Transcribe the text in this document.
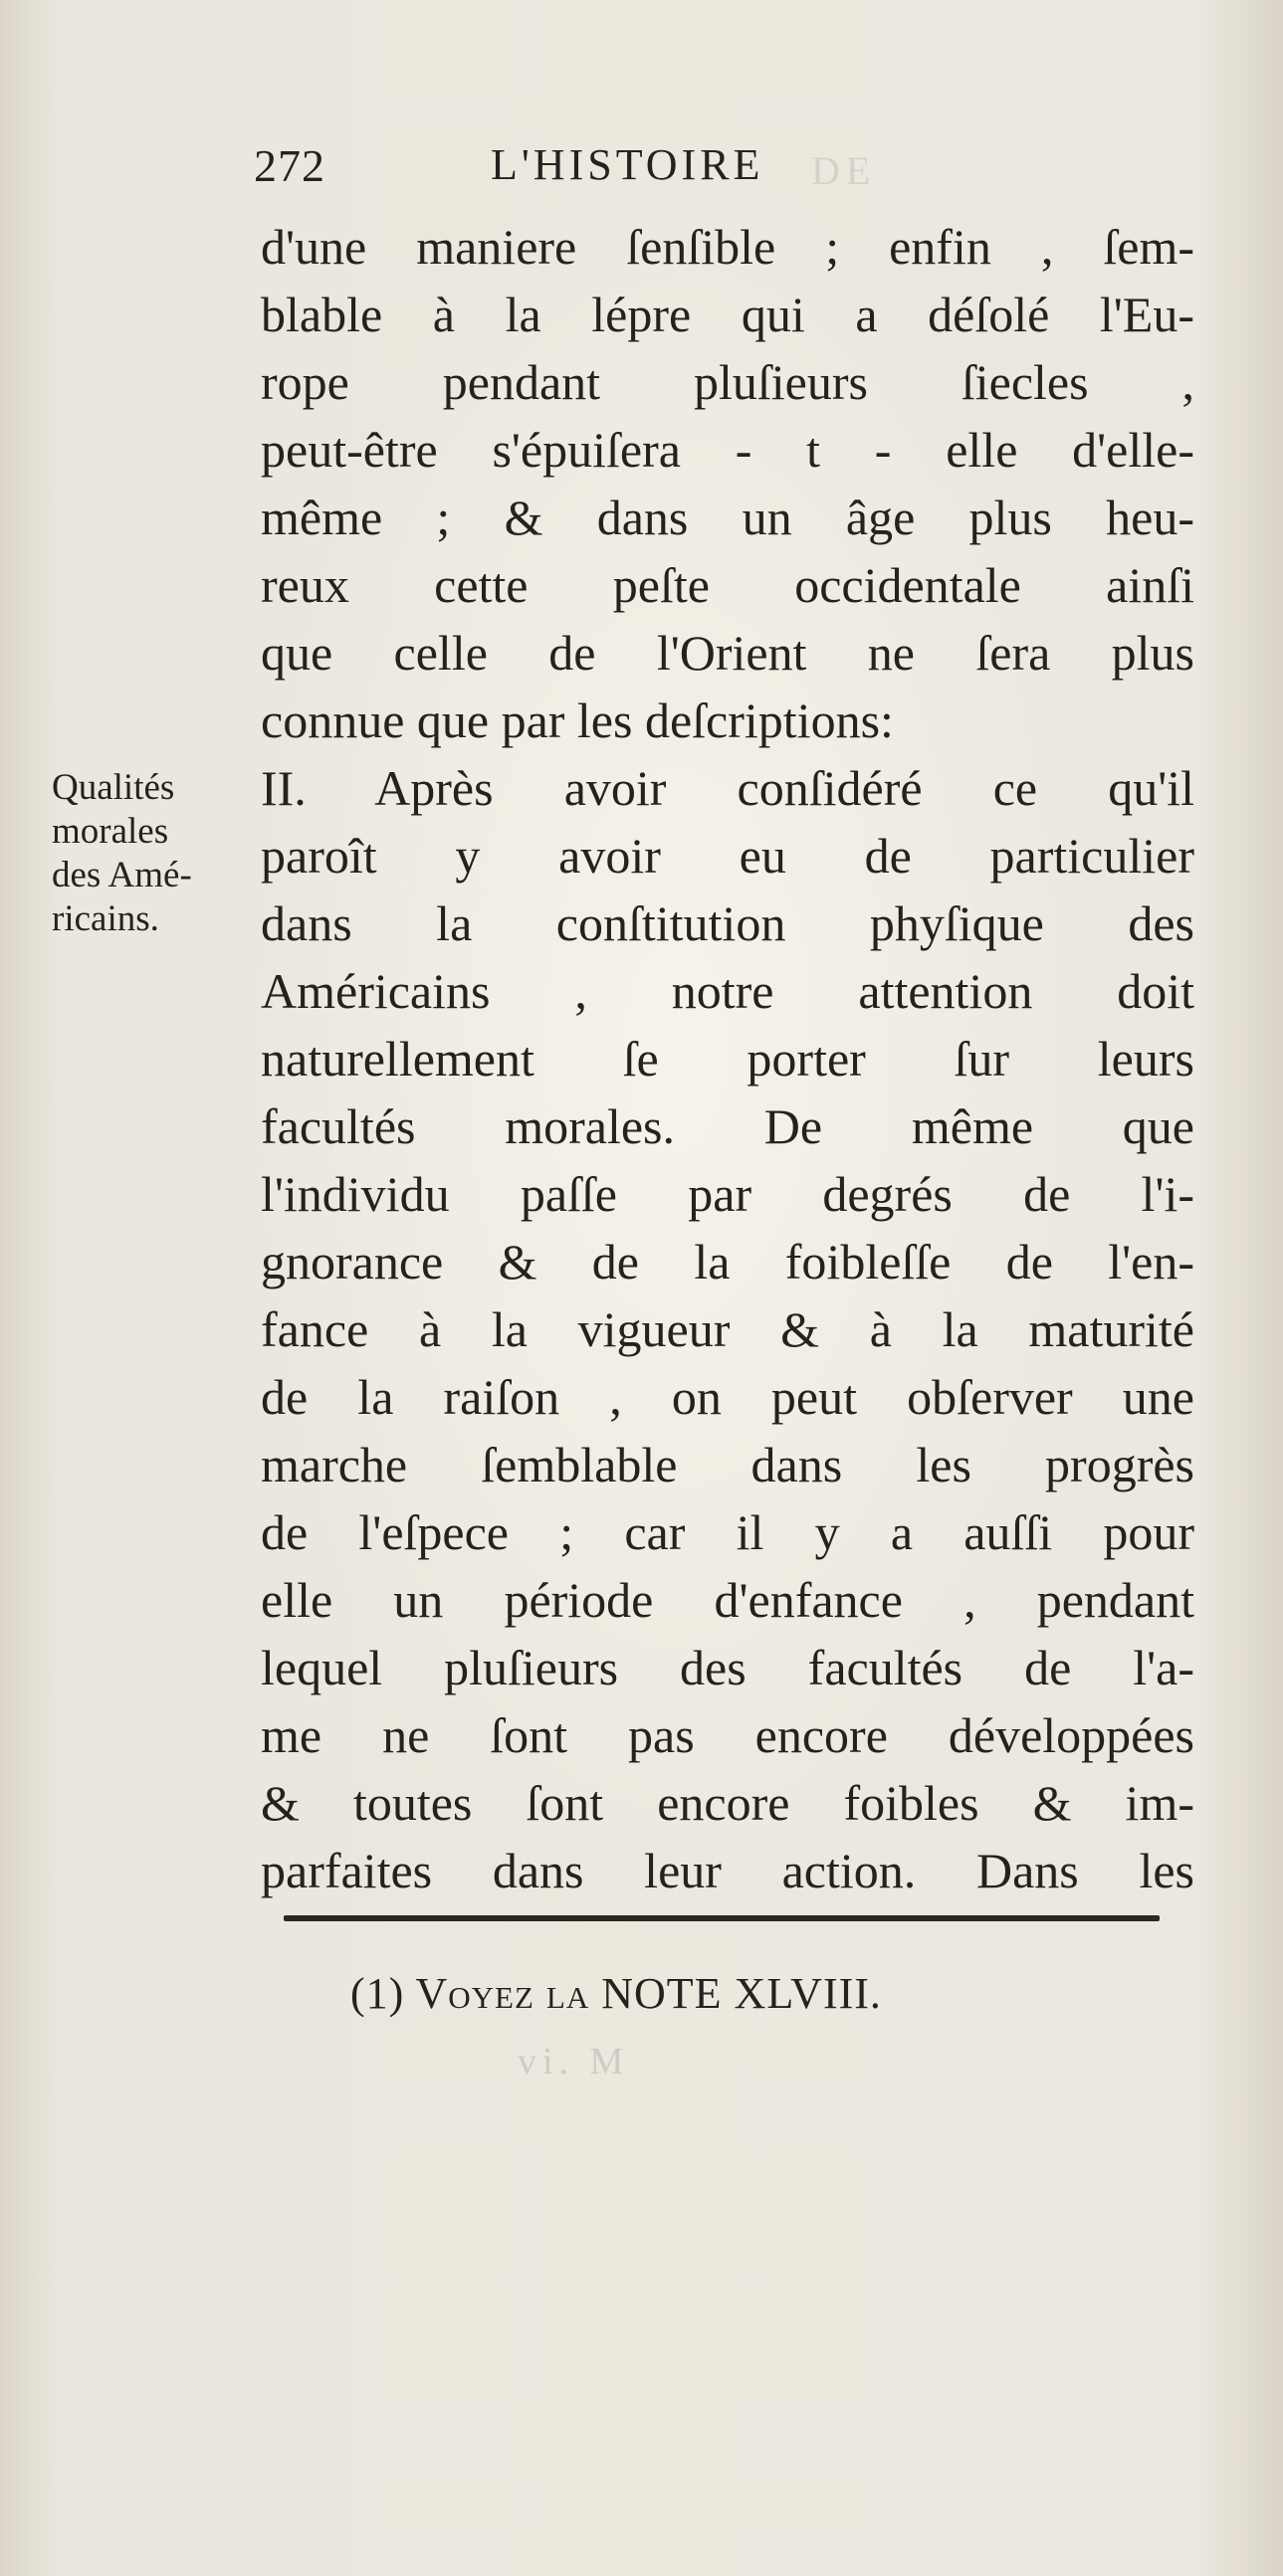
272	L'HISTOIRE DE
Qualités
morales
des Amé-
ricains.
d'une maniere ſenſible ; enfin , ſem-
blable à la lépre qui a déſolé l'Eu-
rope pendant pluſieurs ſiecles ,
peut-être s'épuiſera - t - elle d'elle-
même ; & dans un âge plus heu-
reux cette peſte occidentale ainſi
que celle de l'Orient ne ſera plus
connue que par les deſcriptions:
II. Après avoir conſidéré ce qu'il
paroît y avoir eu de particulier
dans la conſtitution phyſique des
Américains , notre attention doit
naturellement ſe porter ſur leurs
facultés morales. De même que
l'individu paſſe par degrés de l'i-
gnorance & de la foibleſſe de l'en-
fance à la vigueur & à la maturité
de la raiſon , on peut obſerver une
marche ſemblable dans les progrès
de l'eſpece ; car il y a auſſi pour
elle un période d'enfance , pendant
lequel pluſieurs des facultés de l'a-
me ne ſont pas encore développées
& toutes ſont encore foibles & im-
parfaites dans leur action. Dans les
(1) Voyez la NOTE XLVIII.
vi. M
